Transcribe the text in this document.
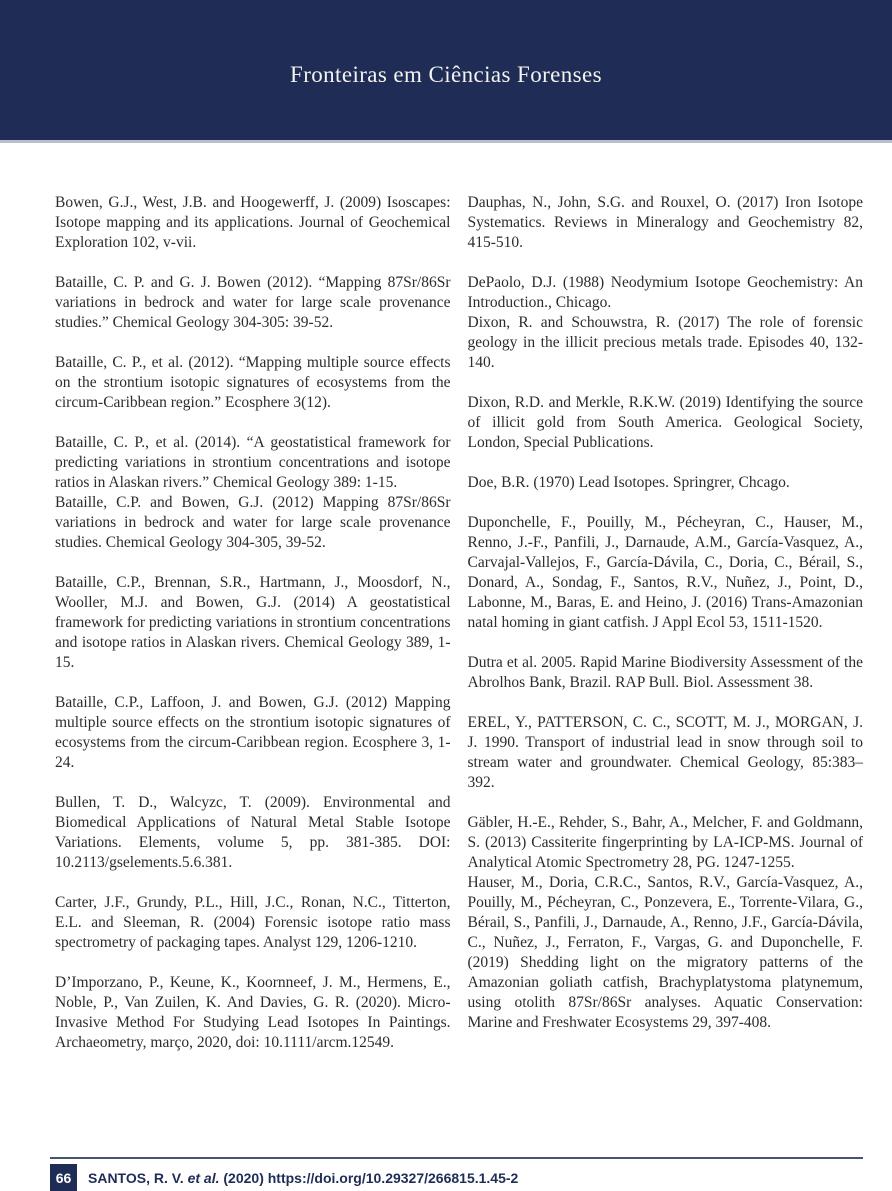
Fronteiras em Ciências Forenses

Bowen, G.J., West, J.B. and Hoogewerff, J. (2009) Isoscapes: Isotope mapping and its applications. Journal of Geochemical Exploration 102, v-vii.

Bataille, C. P. and G. J. Bowen (2012). “Mapping 87Sr/86Sr variations in bedrock and water for large scale provenance studies.” Chemical Geology 304-305: 39-52.

Bataille, C. P., et al. (2012). “Mapping multiple source effects on the strontium isotopic signatures of ecosystems from the circum-Caribbean region.” Ecosphere 3(12).

Bataille, C. P., et al. (2014). “A geostatistical framework for predicting variations in strontium concentrations and isotope ratios in Alaskan rivers.” Chemical Geology 389: 1-15.

Bataille, C.P. and Bowen, G.J. (2012) Mapping 87Sr/86Sr variations in bedrock and water for large scale provenance studies. Chemical Geology 304-305, 39-52.

Bataille, C.P., Brennan, S.R., Hartmann, J., Moosdorf, N., Wooller, M.J. and Bowen, G.J. (2014) A geostatistical framework for predicting variations in strontium concentrations and isotope ratios in Alaskan rivers. Chemical Geology 389, 1-15.

Bataille, C.P., Laffoon, J. and Bowen, G.J. (2012) Mapping multiple source effects on the strontium isotopic signatures of ecosystems from the circum-Caribbean region. Ecosphere 3, 1-24.

Bullen, T. D., Walcyzc, T. (2009). Environmental and Biomedical Applications of Natural Metal Stable Isotope Variations. Elements, volume 5, pp. 381-385. DOI: 10.2113/gselements.5.6.381.

Carter, J.F., Grundy, P.L., Hill, J.C., Ronan, N.C., Titterton, E.L. and Sleeman, R. (2004) Forensic isotope ratio mass spectrometry of packaging tapes. Analyst 129, 1206-1210.

D’Imporzano, P., Keune, K., Koornneef, J. M., Hermens, E., Noble, P., Van Zuilen, K. And Davies, G. R. (2020). Micro-Invasive Method For Studying Lead Isotopes In Paintings. Archaeometry, março, 2020, doi: 10.1111/arcm.12549.

Dauphas, N., John, S.G. and Rouxel, O. (2017) Iron Isotope Systematics. Reviews in Mineralogy and Geochemistry 82, 415-510.

DePaolo, D.J. (1988) Neodymium Isotope Geochemistry: An Introduction., Chicago.

Dixon, R. and Schouwstra, R. (2017) The role of forensic geology in the illicit precious metals trade. Episodes 40, 132-140.

Dixon, R.D. and Merkle, R.K.W. (2019) Identifying the source of illicit gold from South America. Geological Society, London, Special Publications.

Doe, B.R. (1970) Lead Isotopes. Springrer, Chcago.

Duponchelle, F., Pouilly, M., Pécheyran, C., Hauser, M., Renno, J.-F., Panfili, J., Darnaude, A.M., García-Vasquez, A., Carvajal-Vallejos, F., García-Dávila, C., Doria, C., Bérail, S., Donard, A., Sondag, F., Santos, R.V., Nuñez, J., Point, D., Labonne, M., Baras, E. and Heino, J. (2016) Trans-Amazonian natal homing in giant catfish. J Appl Ecol 53, 1511-1520.

Dutra et al. 2005. Rapid Marine Biodiversity Assessment of the Abrolhos Bank, Brazil. RAP Bull. Biol. Assessment 38.

EREL, Y., PATTERSON, C. C., SCOTT, M. J., MORGAN, J. J. 1990. Transport of industrial lead in snow through soil to stream water and groundwater. Chemical Geology, 85:383–392.

Gäbler, H.-E., Rehder, S., Bahr, A., Melcher, F. and Goldmann, S. (2013) Cassiterite fingerprinting by LA-ICP-MS. Journal of Analytical Atomic Spectrometry 28, PG. 1247-1255.

Hauser, M., Doria, C.R.C., Santos, R.V., García-Vasquez, A., Pouilly, M., Pécheyran, C., Ponzevera, E., Torrente-Vilara, G., Bérail, S., Panfili, J., Darnaude, A., Renno, J.F., García-Dávila, C., Nuñez, J., Ferraton, F., Vargas, G. and Duponchelle, F. (2019) Shedding light on the migratory patterns of the Amazonian goliath catfish, Brachyplatystoma platynemum, using otolith 87Sr/86Sr analyses. Aquatic Conservation: Marine and Freshwater Ecosystems 29, 397-408.

66	SANTOS, R. V. et al. (2020) https://doi.org/10.29327/266815.1.45-2
